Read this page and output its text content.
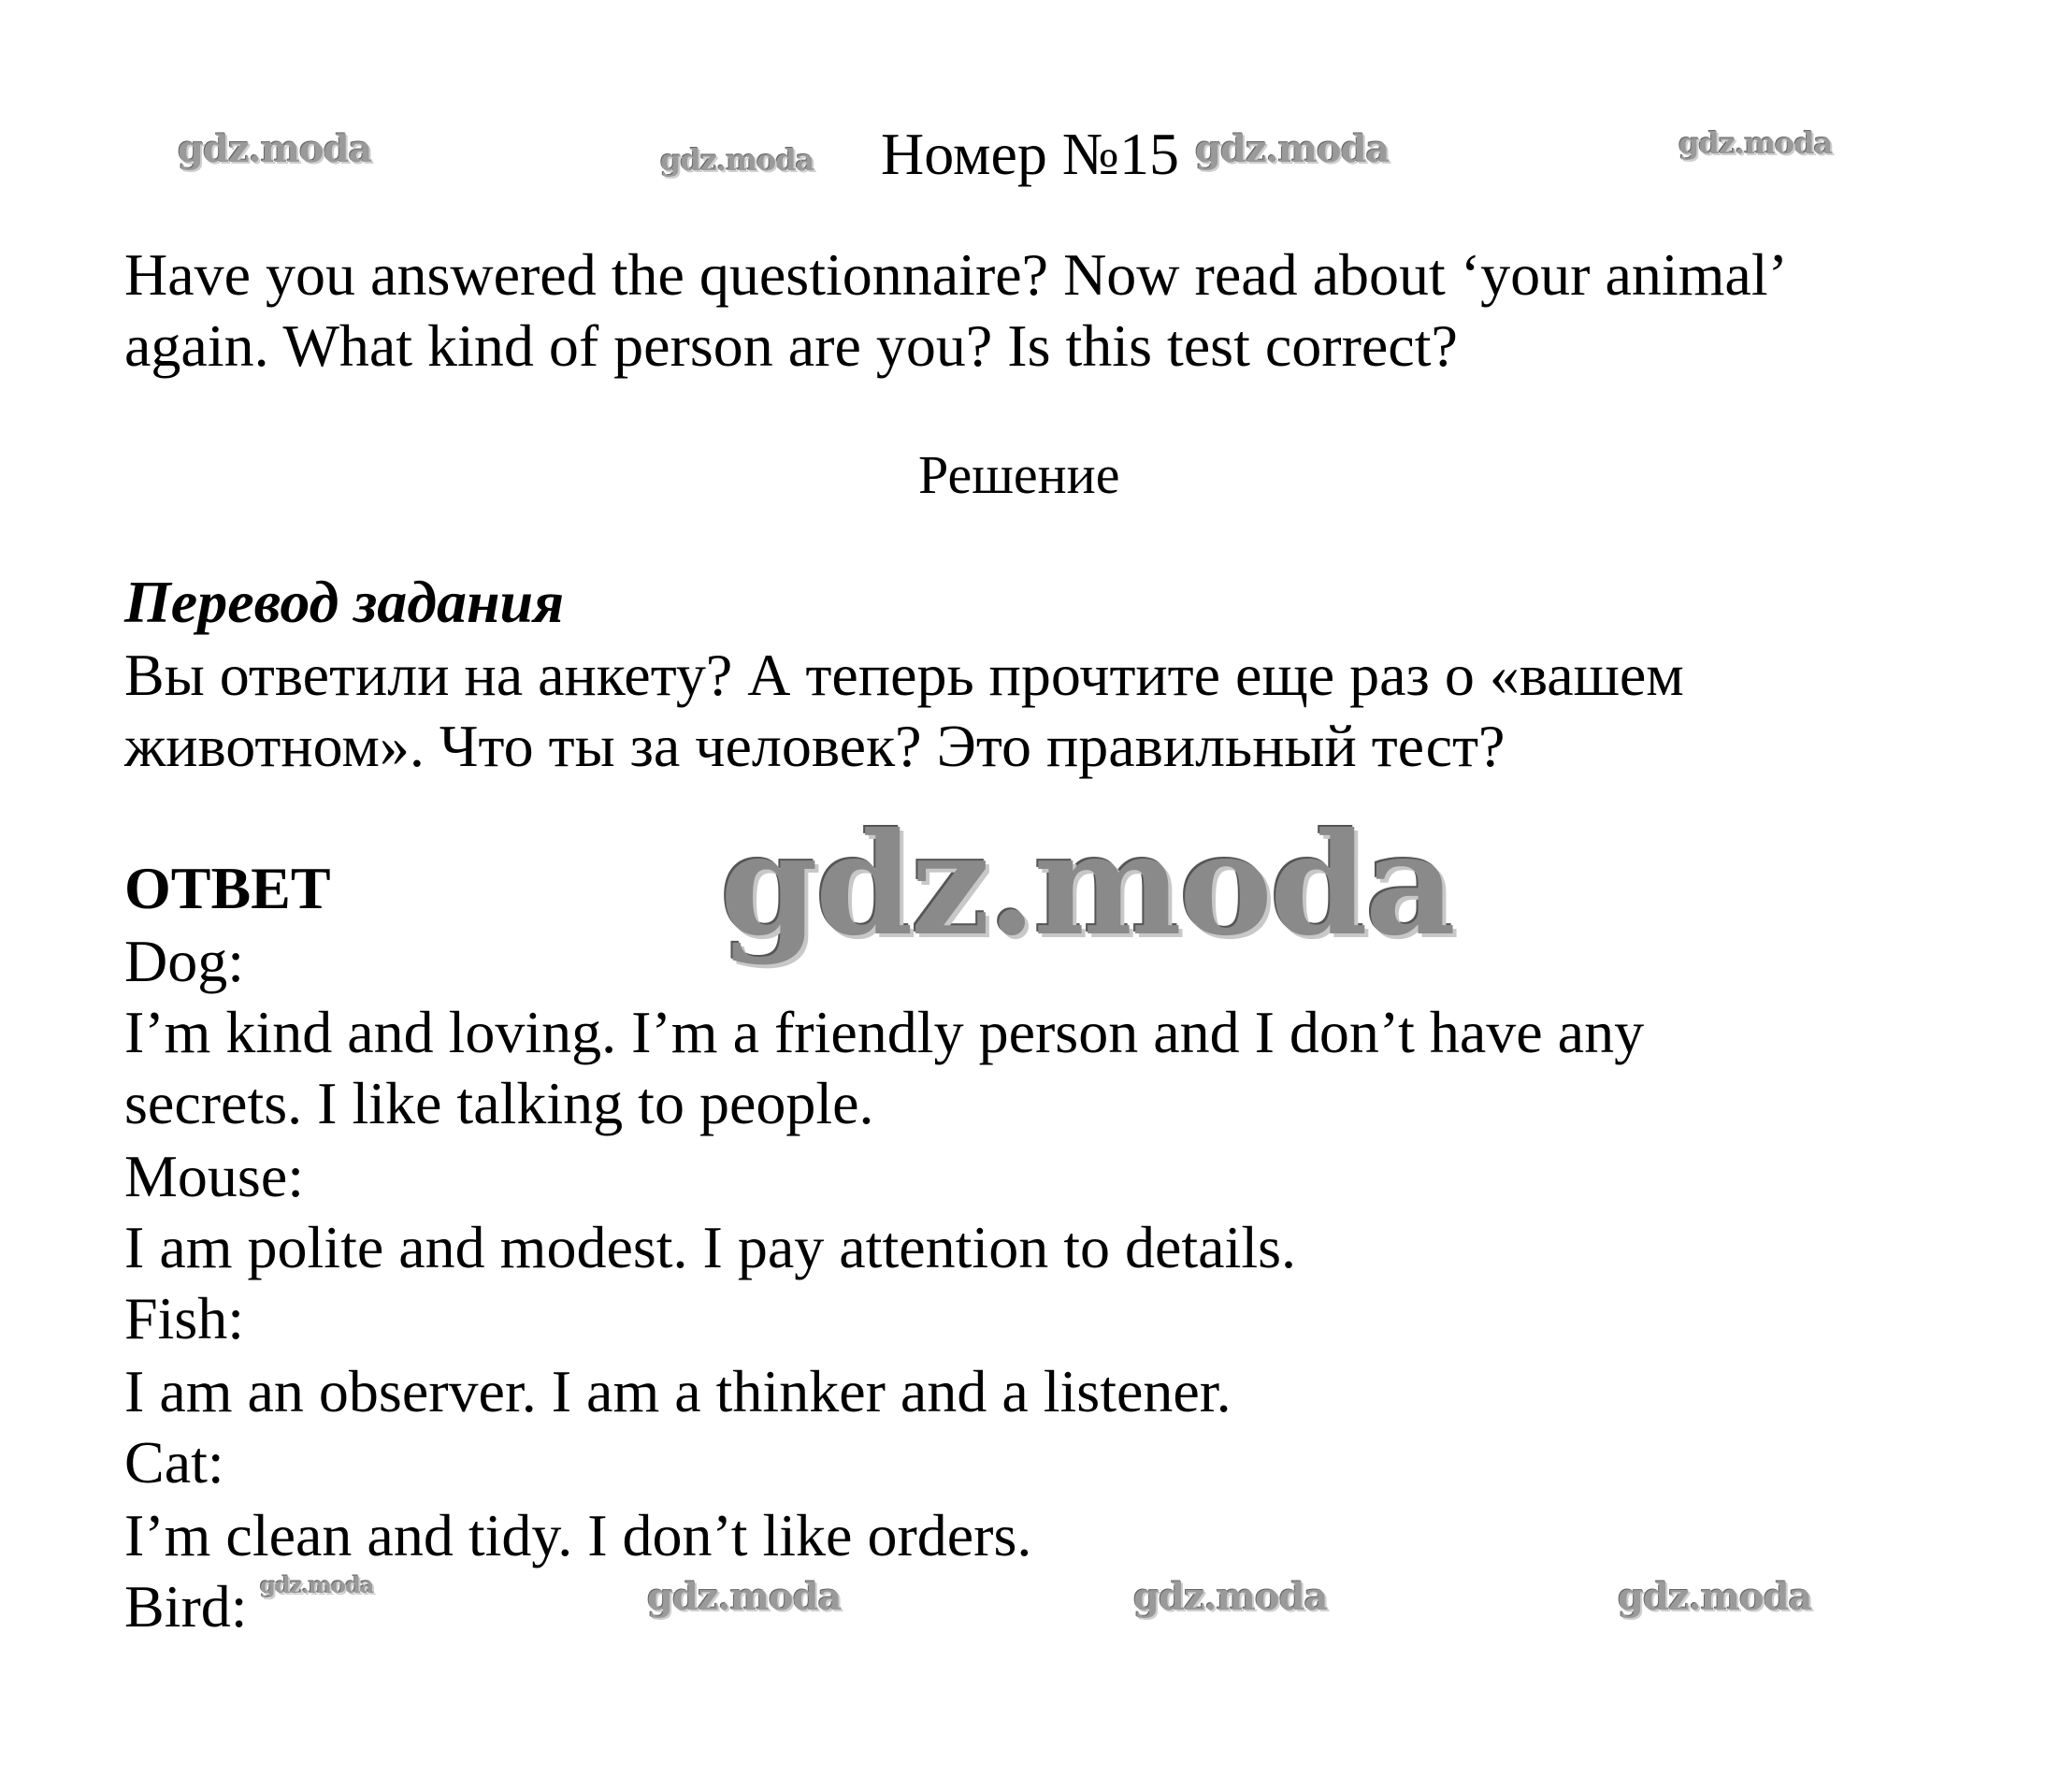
gdz.moda	gdz.moda	gdz.moda	gdz.moda
Номер №15
Have you answered the questionnaire? Now read about ‘your animal’
again. What kind of person are you? Is this test correct?
Решение
Перевод задания
Вы ответили на анкету? А теперь прочтите еще раз о «вашем
животном». Что ты за человек? Это правильный тест?
gdz.moda
ОТВЕТ
Dog:
I’m kind and loving. I’m a friendly person and I don’t have any
secrets. I like talking to people.
Mouse:
I am polite and modest. I pay attention to details.
Fish:
I am an observer. I am a thinker and a listener.
Cat:
I’m clean and tidy. I don’t like orders.
Bird: gdz.moda	gdz.moda	gdz.moda	gdz.moda
